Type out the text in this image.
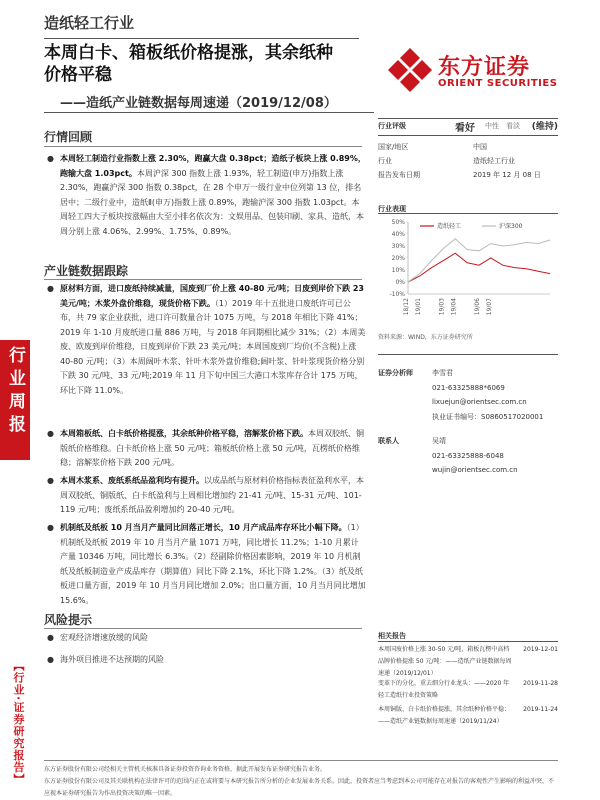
造纸轻工行业
本周白卡、箱板纸价格提涨，其余纸种
价格平稳
——造纸产业链数据每周速递（2019/12/08）
东方证券
ORIENT SECURITIES
行业周报
【行业·证券研究报告】
行情回顾
● 本周轻工制造行业指数上涨 2.30%，跑赢大盘 0.38pct；造纸子板块上涨 0.89%，跑输大盘 1.03pct。本周沪深 300 指数上涨 1.93%，轻工制造(申万)指数上涨 2.30%，跑赢沪深 300 指数 0.38pct，在 28 个申万一级行业中位列第 13 位，排名居中；二级行业中，造纸Ⅱ(申万)指数上涨 0.89%，跑输沪深 300 指数 1.03pct。本周轻工四大子板块按涨幅由大至小排名依次为：文娱用品、包装印刷、家具、造纸，本周分别上涨 4.06%、2.99%、1.75%、0.89%。
产业链数据跟踪
● 原材料方面，进口废纸持续减量，国废到厂价上涨 40-80 元/吨；日废到岸价下跌 23 美元/吨；木浆外盘价维稳，现货价格下跌。（1）2019 年十五批进口废纸许可已公布，共 79 家企业获批，进口许可数量合计 1075 万吨，与 2018 年相比下降 41%；2019 年 1-10 月废纸进口量 886 万吨，与 2018 年同期相比减少 31%；（2）本周美废、欧废到岸价维稳，日废到岸价下跌 23 美元/吨；本周国废到厂均价(不含税)上涨 40-80 元/吨；（3）本周阔叶木浆、针叶木浆外盘价维稳;阔叶浆、针叶浆现货价格分别下跌 30 元/吨、33 元/吨;2019 年 11 月下旬中国三大港口木浆库存合计 175 万吨，环比下降 11.0%。
● 本周箱板纸、白卡纸价格提涨，其余纸种价格平稳，溶解浆价格下跌。本周双胶纸、铜版纸价格维稳。白卡纸价格上涨 50 元/吨；箱板纸价格上涨 50 元/吨，瓦楞纸价格维稳；溶解浆价格下跌 200 元/吨。
● 本周木浆系、废纸系纸品盈利均有提升。以成品纸与原材料价格指标表征盈利水平，本周双胶纸、铜版纸、白卡纸盈利与上周相比增加约 21-41 元/吨、15-31 元/吨、101-119 元/吨；废纸系纸品盈利增加约 20-40 元/吨。
● 机制纸及纸板 10 月当月产量同比回落正增长，10 月产成品库存环比小幅下降。（1）机制纸及纸板 2019 年 10 月当月产量 1071 万吨，同比增长 11.2%；1-10 月累计产量 10346 万吨，同比增长 6.3%。（2）经副除价格因素影响，2019 年 10 月机制纸及纸板制造业产成品库存（期算值）同比下降 2.1%，环比下降 1.2%。（3）纸及纸板进口量方面，2019 年 10 月当月同比增加 2.0%；出口量方面，10 月当月同比增加 15.6%。
风险提示
● 宏观经济增速放缓的风险
● 海外项目推进不达预期的风险
行业评级	看好 中性 看淡 (维持)
国家/地区	中国
行业	造纸轻工行业
报告发布日期	2019 年 12 月 08 日
行业表现
50%
40%
30%
20%
10%
0%
-10%
18/12 19/01	19/03 19/04	19/06 19/07
造纸轻工	沪深300
资料来源：WIND，东方证券研究所
证券分析师	李雪君
021-63325888*6069
lixuejun@orientsec.com.cn
执业证书编号：S0860517020001
联系人	吴靖
021-63325888-6048
wujin@orientsec.com.cn
相关报告
本周国废价格上涨 30-50 元/吨，箱板瓦楞中高档品牌价格提涨 50 元/吨：——造纸产业链数据每周速递（2019/12/01）
2019-12-01
变革下的分化，重去细分行业龙头：——2020 年轻工造纸行业投资策略
2019-11-28
本周铜版、白卡纸价格提涨，其余纸种价格平稳：——造纸产业链数据每周速递（2019/11/24）
2019-11-24
东方证券股份有限公司经相关主管机关核准具备证券投资咨询业务资格，据此开展发布证券研究报告业务。
东方证券股份有限公司及其关联机构在法律许可的范围内正在或将要与本研究报告所分析的企业发展业务关系。因此，投资者应当考虑到本公司可能存在对报告的客观性产生影响的利益冲突，不应视本证券研究报告为作出投资决策的唯一因素。
